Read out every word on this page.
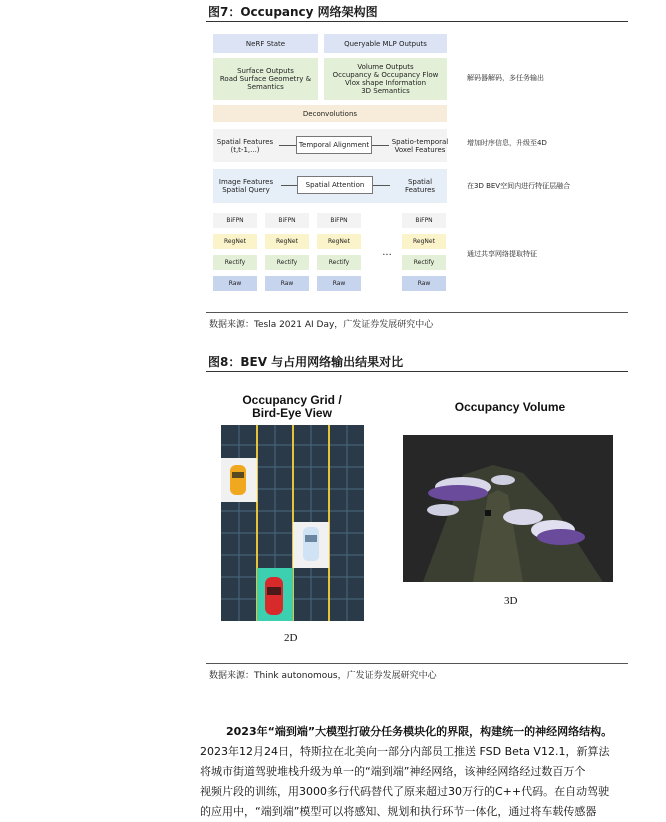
图7：Occupancy 网络架构图
NeRF State	Queryable MLP Outputs
Surface Outputs
Road Surface Geometry &
Semantics
Volume Outputs
Occupancy & Occupancy Flow
Vlox shape Information
3D Semantics
Deconvolutions
Spatial Features
(t,t-1,...)
Temporal Alignment	Spatio-temporal
Voxel Features
Image Features
Spatial Query
Spatial Attention	Spatial
Features
BiFPN
RegNet
Rectify
Raw
BiFPN
RegNet
Rectify
Raw
BiFPN
RegNet
Rectify
Raw
...
BiFPN
RegNet
Rectify
Raw
解码器解码，多任务输出
增加时序信息，升级至4D
在3D BEV空间内进行特征层融合
通过共享网络提取特征
数据来源：Tesla 2021 AI Day，广发证券发展研究中心
图8：BEV 与占用网络输出结果对比
Occupancy Grid /
Bird-Eye View
2D
Occupancy Volume
3D
数据来源：Think autonomous，广发证券发展研究中心
2023年“端到端”大模型打破分任务模块化的界限，构建统一的神经网络结构。
2023年12月24日，特斯拉在北美向一部分内部员工推送 FSD Beta V12.1，新算法
将城市街道驾驶堆栈升级为单一的“端到端”神经网络，该神经网络经过数百万个
视频片段的训练，用3000多行代码替代了原来超过30万行的C++代码。在自动驾驶
的应用中，“端到端”模型可以将感知、规划和执行环节一体化，通过将车载传感器
